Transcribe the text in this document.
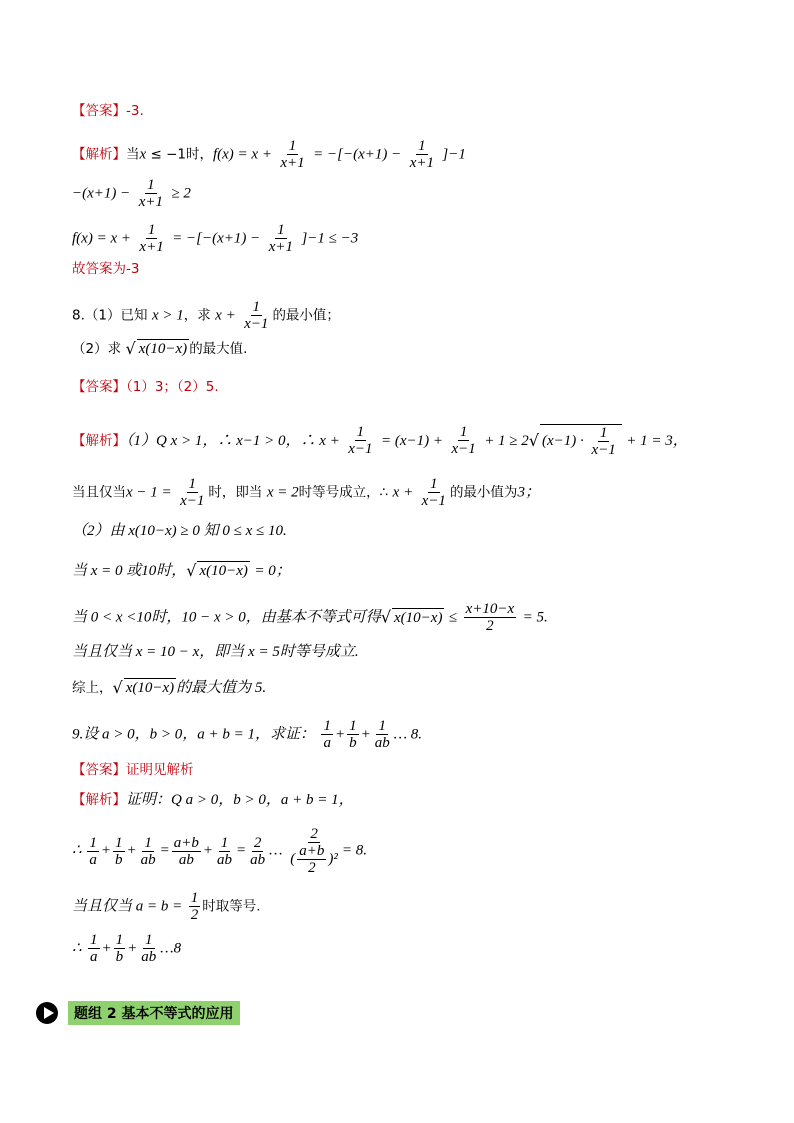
【答案】-3.
【解析】当x ≤ −1时，$f(x) = x + \frac{1}{x+1} = -[-(x+1) - \frac{1}{x+1} ]-1$
$-(x+1) - \frac{1}{x+1} \ge 2$
$f(x) = x + \frac{1}{x+1} = -[-(x+1) - \frac{1}{x+1} ]-1 \le -3$
故答案为-3
8.（1）已知 x > 1，求 $x + \frac{1}{x-1}$ 的最小值；
（2）求 √ x(10−x) 的最大值.
【答案】（1）3；（2）5.
【解析】（1）Q x > 1，∴ x−1 > 0，∴ $x + \frac{1}{x-1} = (x-1) + \frac{1}{x-1} + 1 \ge 2√$ $(x-1) \cdot \frac{1}{x-1} + 1 = 3$，
当且仅当$x - 1 = \frac{1}{x-1}$ 时，即当 x = 2时等号成立，∴ $x + \frac{1}{x-1}$ 的最小值为3；
（2）由 x(10−x) ≥ 0 知 0 ≤ x ≤ 10.
当 x = 0 或10时，√ x(10−x) = 0；
当 0 < x <10时，10 − x > 0，由基本不等式可得√ $x(10-x) \le \frac{x+10-x}{2} = 5$.
当且仅当 x = 10 − x，即当 x = 5时等号成立.
综上，√ x(10−x) 的最大值为 5.
9.设 a > 0，b > 0，a + b = 1，求证： $\frac{1}{a} + \frac{1}{b} + \frac{1}{ab}$ … 8.
【答案】证明见解析
【解析】证明：Q a > 0，b > 0，a + b = 1，
∴ $\frac{1}{a} + \frac{1}{b} + \frac{1}{ab} = \frac{a+b}{ab} + \frac{1}{ab} = \frac{2}{ab}$ … $\frac{2}{( \frac{a+b}{2} )^2} = 8$.
当且仅当 $a = b = \frac{1}{2}$ 时取等号.
∴ $\frac{1}{a} + \frac{1}{b} + \frac{1}{ab}$ …8
题组 2 基本不等式的应用
